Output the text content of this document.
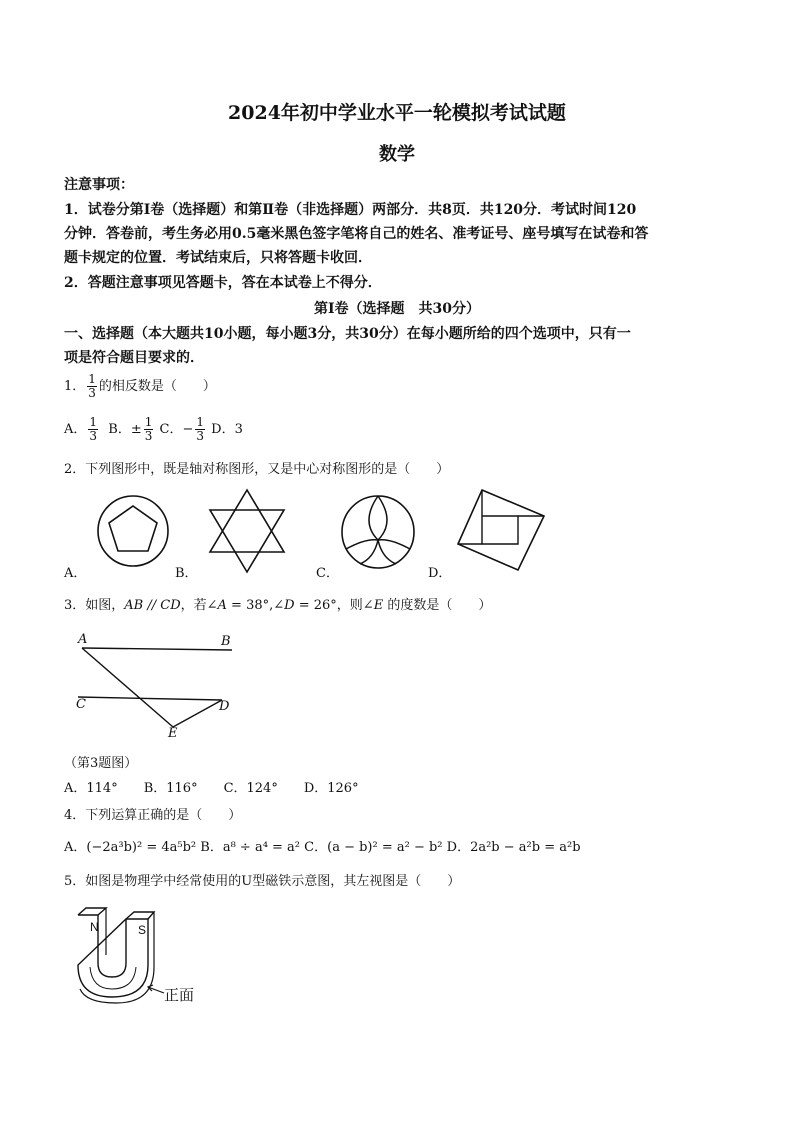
2024年初中学业水平一轮模拟考试试题
数学
注意事项：
1．试卷分第Ⅰ卷（选择题）和第Ⅱ卷（非选择题）两部分．共8页．共120分．考试时间120
分钟．答卷前，考生务必用0.5毫米黑色签字笔将自己的姓名、准考证号、座号填写在试卷和答
题卡规定的位置．考试结束后，只将答题卡收回．
2．答题注意事项见答题卡，答在本试卷上不得分．
第Ⅰ卷（选择题　共30分）
一、选择题（本大题共10小题，每小题3分，共30分）在每小题所给的四个选项中，只有一
项是符合题目要求的．
1． $\frac{1}{3}$ 的相反数是（　　）
A． $\frac{1}{3}$ B．± $\frac{1}{3}$ C．− $\frac{1}{3}$ D．3
2．下列图形中，既是轴对称图形，又是中心对称图形的是（　　）
A．	B．	C．	D．
3．如图，AB // CD，若∠A = 38°,∠D = 26°，则∠E 的度数是（　　）
A	B
C	D
E
（第3题图）
A．114°　　B．116°　　C．124°　　D．126°
4．下列运算正确的是（　　）
A．(−2a³b)² = 4a⁵b² B．a⁸ ÷ a⁴ = a² C．(a − b)² = a² − b² D．2a²b − a²b = a²b
5．如图是物理学中经常使用的U型磁铁示意图，其左视图是（　　）
N	S
正面
